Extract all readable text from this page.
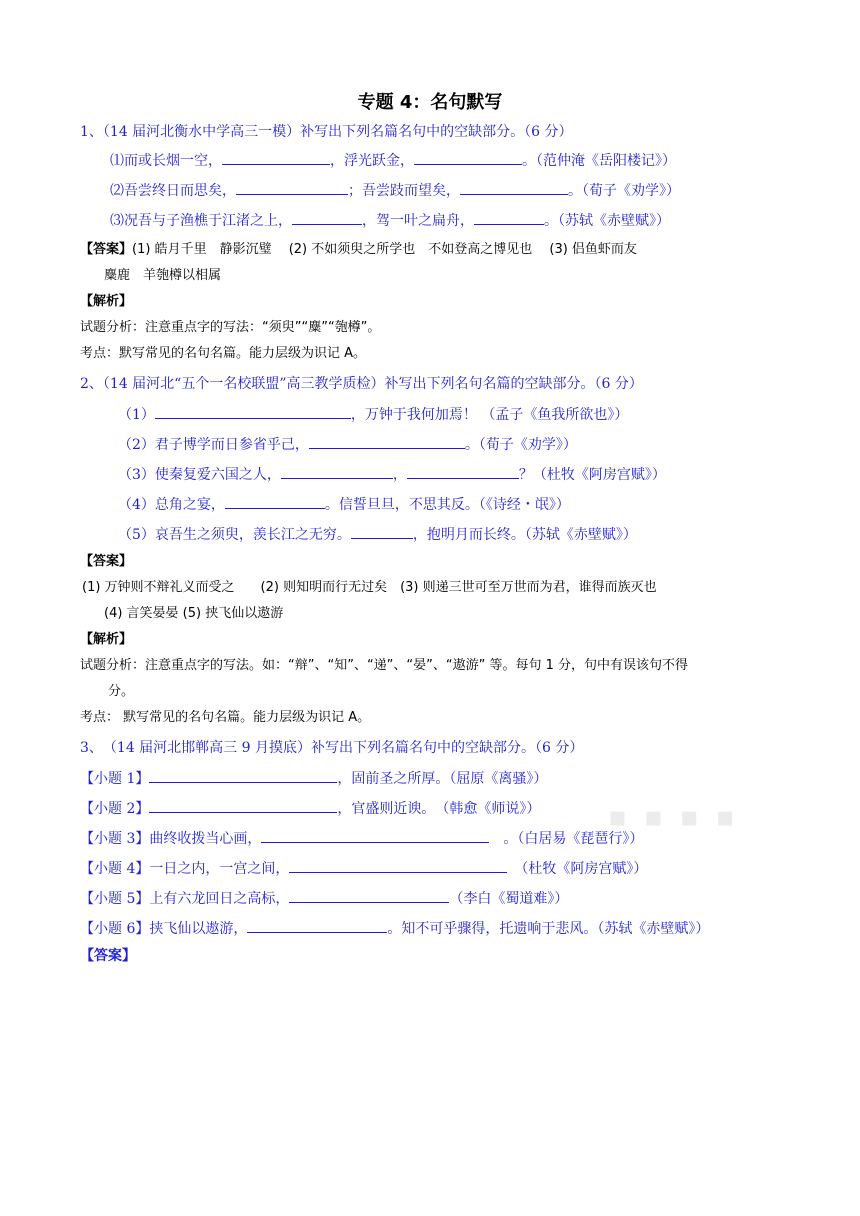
专题 4：名句默写
1、（14 届河北衡水中学高三一模）补写出下列名篇名句中的空缺部分。（6 分）
⑴而或长烟一空，	，浮光跃金，	。（范仲淹《岳阳楼记》）
⑵吾尝终日而思矣，	；吾尝跂而望矣，	。（荀子《劝学》）
⑶况吾与子渔樵于江渚之上，	，驾一叶之扁舟，	。（苏轼《赤壁赋》）
【答案】(1) 皓月千里　静影沉璧　 (2) 不如须臾之所学也　不如登高之博见也　 (3) 侣鱼虾而友
麋鹿　羊匏樽以相属
【解析】
试题分析：注意重点字的写法：“须臾”“麋”“匏樽”。
考点：默写常见的名句名篇。能力层级为识记 A。
2、（14 届河北“五个一名校联盟”高三教学质检）补写出下列名句名篇的空缺部分。（6 分）
（1）	，万钟于我何加焉！ （孟子《鱼我所欲也》）
（2）君子博学而日参省乎己，	。（荀子《劝学》）
（3）使秦复爱六国之人，	，	？（杜牧《阿房宫赋》）
（4）总角之宴，	。信誓旦旦，不思其反。（《诗经・氓》）
（5）哀吾生之须臾，羡长江之无穷。	，抱明月而长终。（苏轼《赤壁赋》）
【答案】
(1) 万钟则不辩礼义而受之　　(2) 则知明而行无过矣　(3) 则递三世可至万世而为君，谁得而族灭也
(4) 言笑晏晏 (5) 挟飞仙以遨游
【解析】
试题分析：注意重点字的写法。如：“辩”、“知”、“递”、“晏”、“遨游” 等。每句 1 分，句中有误该句不得
分。
考点： 默写常见的名句名篇。能力层级为识记 A。
3、　（14 届河北邯郸高三 9 月摸底）补写出下列名篇名句中的空缺部分。（6 分）
【小题 1】	，固前圣之所厚。（屈原《离骚》）
【小题 2】	，官盛则近谀。　（韩愈《师说》）
【小题 3】曲终收拨当心画，	　。（白居易《琵琶行》）
【小题 4】一日之内，一宫之间，	　（杜牧《阿房宫赋》）
【小题 5】上有六龙回日之高标，	（李白《蜀道难》）
【小题 6】挟飞仙以遨游，	。知不可乎骤得，托遗响于悲风。（苏轼《赤壁赋》）
【答案】
▪ ▪ ▪ ▪
